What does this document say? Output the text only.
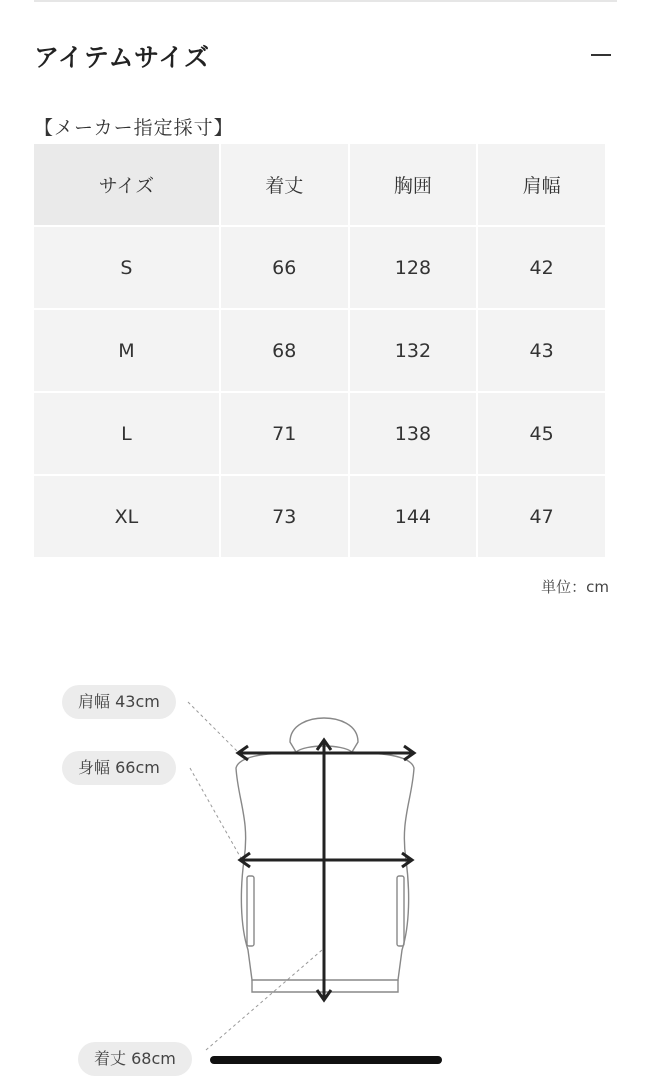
アイテムサイズ
【メーカー指定採寸】
サイズ	着丈	胸囲	肩幅
S	66	128	42
M	68	132	43
L	71	138	45
XL	73	144	47
単位：cm
肩幅 43cm
身幅 66cm
着丈 68cm
